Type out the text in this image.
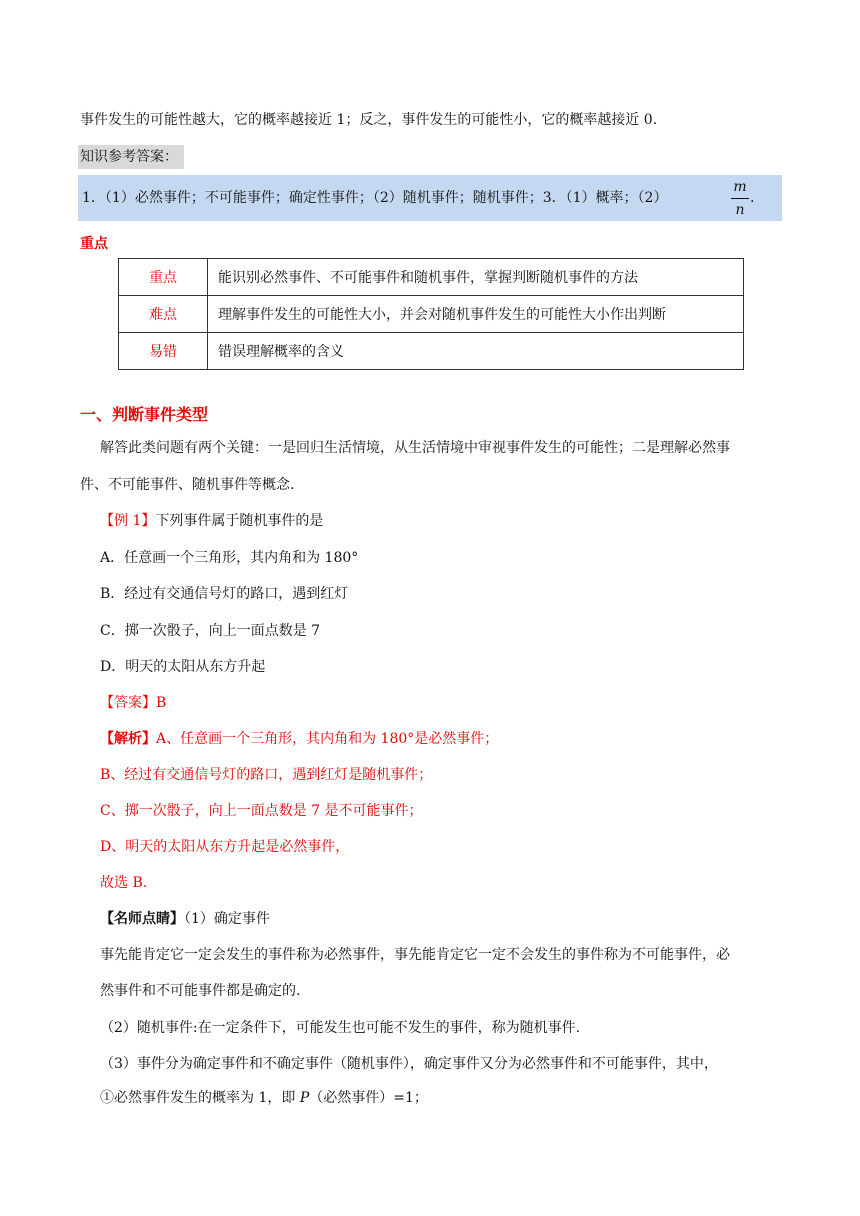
事件发生的可能性越大，它的概率越接近 1；反之，事件发生的可能性小，它的概率越接近 0.
知识参考答案：
1．（1）必然事件；不可能事件；确定性事件；（2）随机事件；随机事件；3．（1）概率；（2）
m
n
.
重点
重点	能识别必然事件、不可能事件和随机事件，掌握判断随机事件的方法
难点	理解事件发生的可能性大小，并会对随机事件发生的可能性大小作出判断
易错	错误理解概率的含义
一、判断事件类型
解答此类问题有两个关键：一是回归生活情境，从生活情境中审视事件发生的可能性；二是理解必然事
件、不可能事件、随机事件等概念.
【例 1】下列事件属于随机事件的是
A．任意画一个三角形，其内角和为 180°
B．经过有交通信号灯的路口，遇到红灯
C．掷一次骰子，向上一面点数是 7
D．明天的太阳从东方升起
【答案】B
【解析】A、任意画一个三角形，其内角和为 180°是必然事件；
B、经过有交通信号灯的路口，遇到红灯是随机事件；
C、掷一次骰子，向上一面点数是 7 是不可能事件；
D、明天的太阳从东方升起是必然事件，
故选 B.
【名师点睛】（1）确定事件
事先能肯定它一定会发生的事件称为必然事件，事先能肯定它一定不会发生的事件称为不可能事件，必
然事件和不可能事件都是确定的.
（2）随机事件:在一定条件下，可能发生也可能不发生的事件，称为随机事件.
（3）事件分为确定事件和不确定事件（随机事件），确定事件又分为必然事件和不可能事件，其中，
①必然事件发生的概率为 1，即 P（必然事件）=1；
